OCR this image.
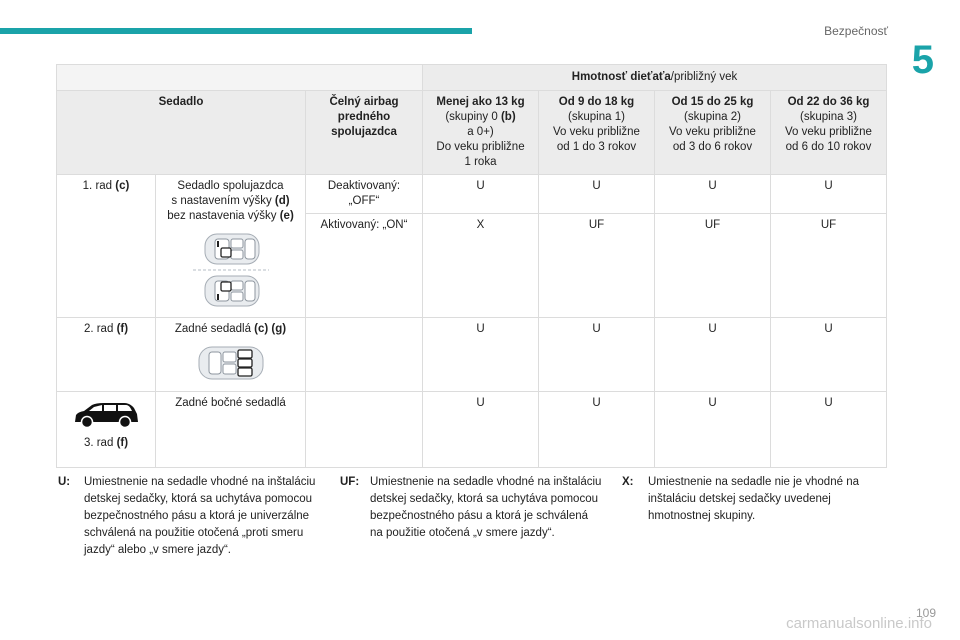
Bezpečnosť
5
			Hmotnosť dieťaťa/približný vek			
Sedadlo		Čelný airbag predného spolujazdca	Menej ako 13 kg
(skupiny 0 (b)
a 0+)
Do veku približne
1 roka	Od 9 do 18 kg
(skupina 1)
Vo veku približne
od 1 do 3 rokov	Od 15 do 25 kg
(skupina 2)
Vo veku približne
od 3 do 6 rokov	Od 22 do 36 kg
(skupina 3)
Vo veku približne
od 6 do 10 rokov

1. rad (c)	Sedadlo spolujazdca
s nastavením výšky (d)
bez nastavenia výšky (e)	Deaktivovaný:
„OFF“	U	U	U	U
		Aktivovaný: „ON“	X	UF	UF	UF
2. rad (f)	Zadné sedadlá (c) (g)		U	U	U	U

3. rad (f)	Zadné bočné sedadlá		U	U	U	U
U:	Umiestnenie na sedadle vhodné na inštaláciu detskej sedačky, ktorá sa uchytáva pomocou bezpečnostného pásu a ktorá je univerzálne schválená na použitie otočená „proti smeru jazdy“ alebo „v smere jazdy“.
UF: Umiestnenie na sedadle vhodné na inštaláciu detskej sedačky, ktorá sa uchytáva pomocou bezpečnostného pásu a ktorá je schválená na použitie otočená „v smere jazdy“.
X:	Umiestnenie na sedadle nie je vhodné na inštaláciu detskej sedačky uvedenej hmotnostnej skupiny.
109
carmanualsonline.info
